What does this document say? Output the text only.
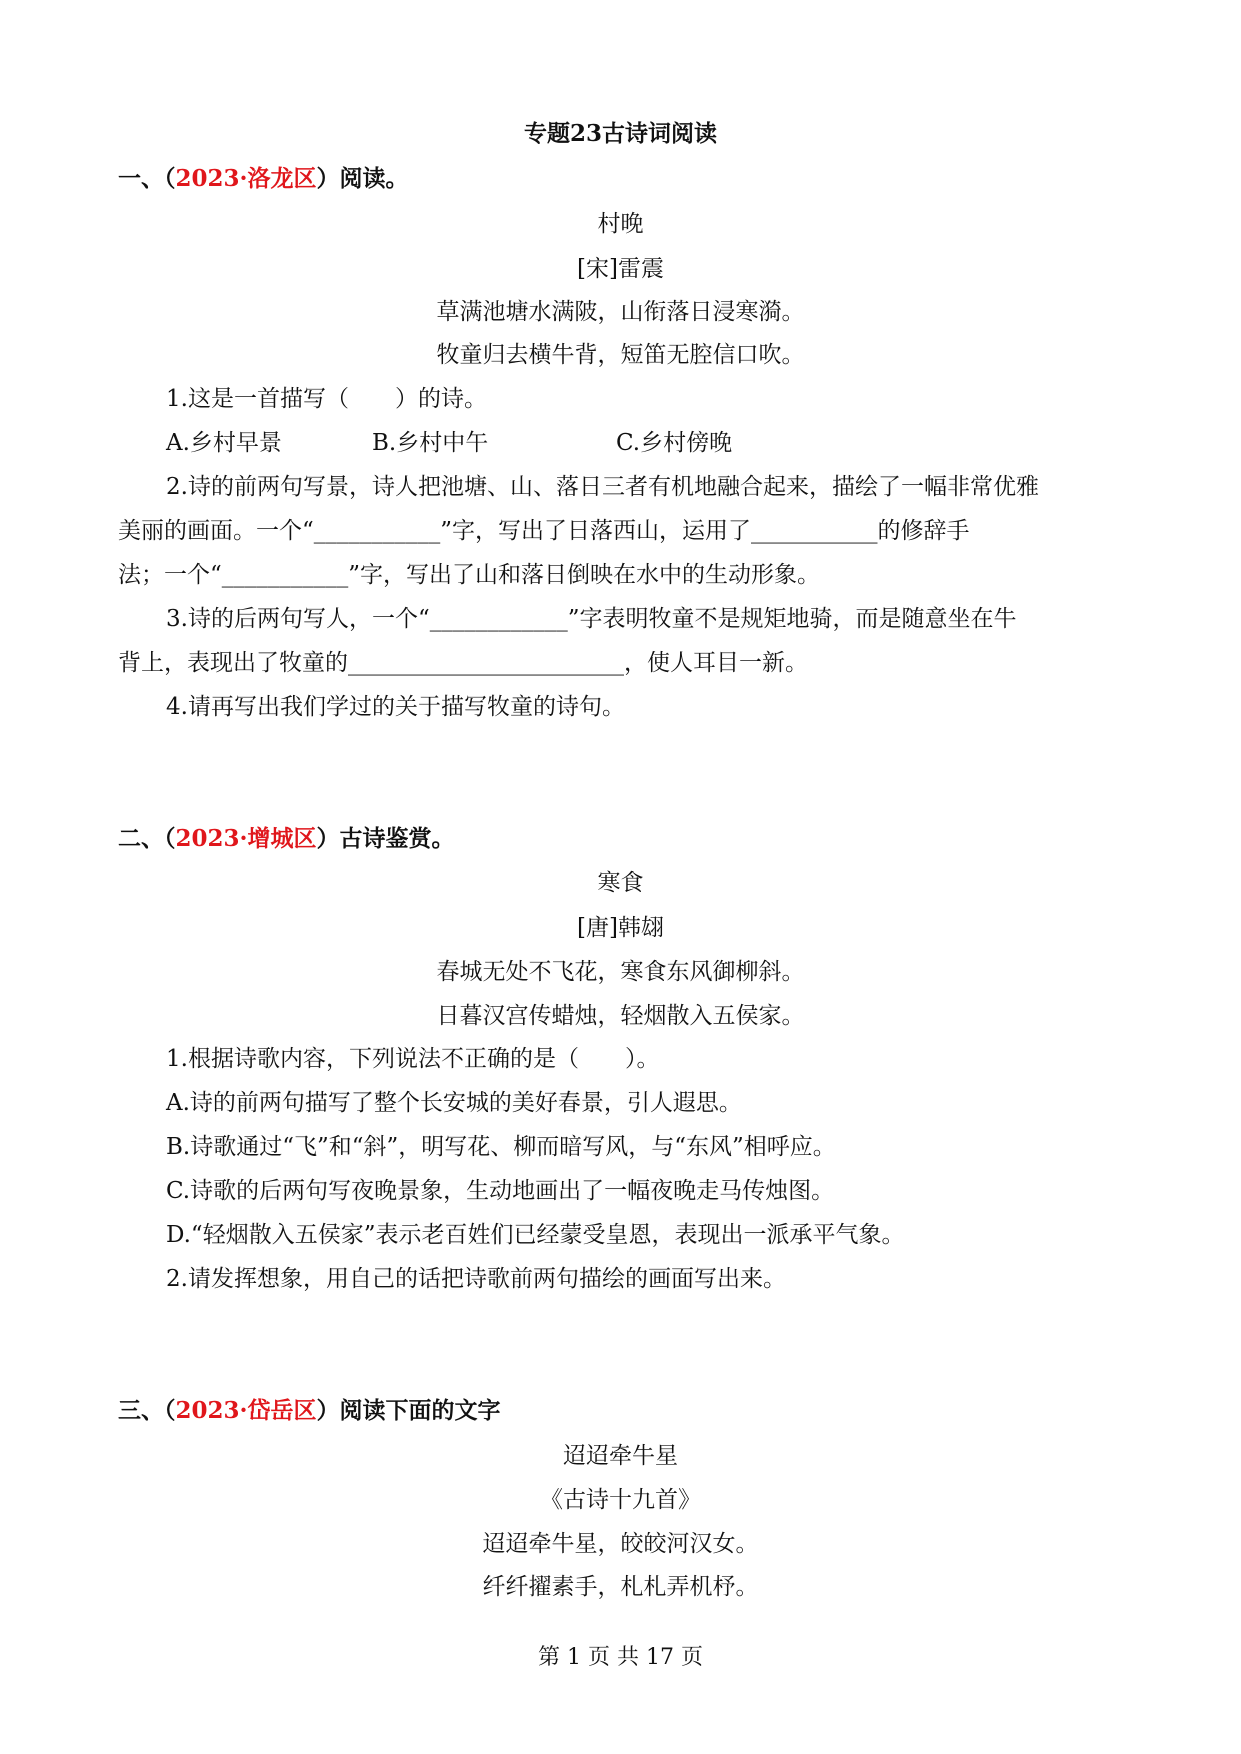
专题23古诗词阅读
一、（2023·洛龙区）阅读。
村晚
[宋]雷震
草满池塘水满陂，山衔落日浸寒漪。
牧童归去横牛背，短笛无腔信口吹。
1.这是一首描写（　　）的诗。
A.乡村早景	B.乡村中午	C.乡村傍晚
2.诗的前两句写景，诗人把池塘、山、落日三者有机地融合起来，描绘了一幅非常优雅
美丽的画面。一个“___________”字，写出了日落西山，运用了___________的修辞手
法；一个“___________”字，写出了山和落日倒映在水中的生动形象。
3.诗的后两句写人，一个“____________”字表明牧童不是规矩地骑，而是随意坐在牛
背上，表现出了牧童的________________________，使人耳目一新。
4.请再写出我们学过的关于描写牧童的诗句。
二、（2023·增城区）古诗鉴赏。
寒食
[唐]韩翃
春城无处不飞花，寒食东风御柳斜。
日暮汉宫传蜡烛，轻烟散入五侯家。
1.根据诗歌内容，下列说法不正确的是（　　）。
A.诗的前两句描写了整个长安城的美好春景，引人遐思。
B.诗歌通过“飞”和“斜”，明写花、柳而暗写风，与“东风”相呼应。
C.诗歌的后两句写夜晚景象，生动地画出了一幅夜晚走马传烛图。
D.“轻烟散入五侯家”表示老百姓们已经蒙受皇恩，表现出一派承平气象。
2.请发挥想象，用自己的话把诗歌前两句描绘的画面写出来。
三、（2023·岱岳区）阅读下面的文字
迢迢牵牛星
《古诗十九首》
迢迢牵牛星，皎皎河汉女。
纤纤擢素手，札札弄机杼。
第 1 页 共 17 页
